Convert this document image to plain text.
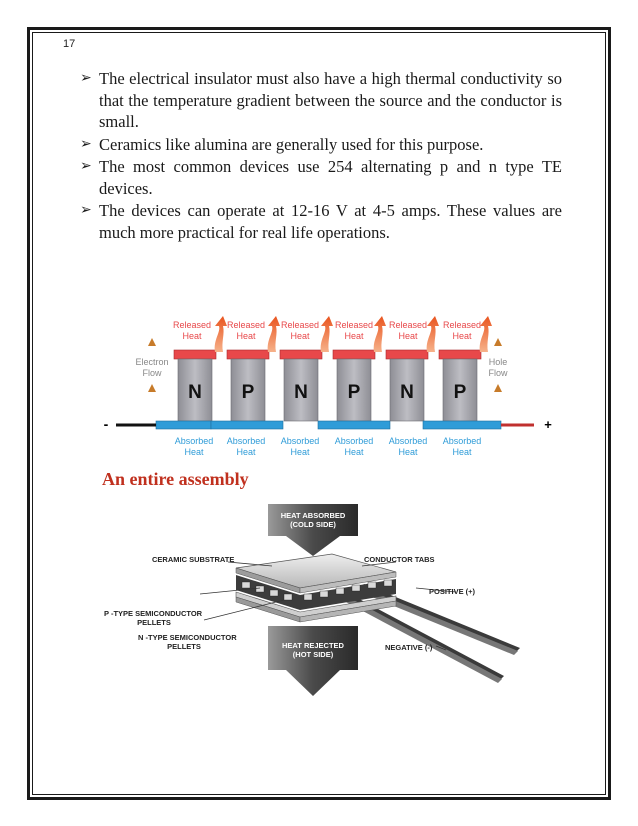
17
➢ The electrical insulator must also have a high thermal conductivity so that the temperature gradient between the source and the conductor is small.
➢ Ceramics like alumina are generally used for this purpose.
➢ The most common devices use 254 alternating p and n type TE devices.
➢ The devices can operate at 12-16 V at 4-5 amps. These values are much more practical for real life operations.
N P N P N P
-	+
Released
Heat
Released
Heat
Released
Heat
Released
Heat
Released
Heat
Released
Heat
Absorbed
Heat
Absorbed
Heat
Absorbed
Heat
Absorbed
Heat
Absorbed
Heat
Absorbed
Heat
Electron
Flow
Hole
Flow
An entire assembly
HEAT ABSORBED
(COLD SIDE)
HEAT REJECTED
(HOT SIDE)
CERAMIC SUBSTRATE	CONDUCTOR TABS
POSITIVE (+)
P -TYPE SEMICONDUCTOR
PELLETS
N -TYPE SEMICONDUCTOR
PELLETS	NEGATIVE (-)
